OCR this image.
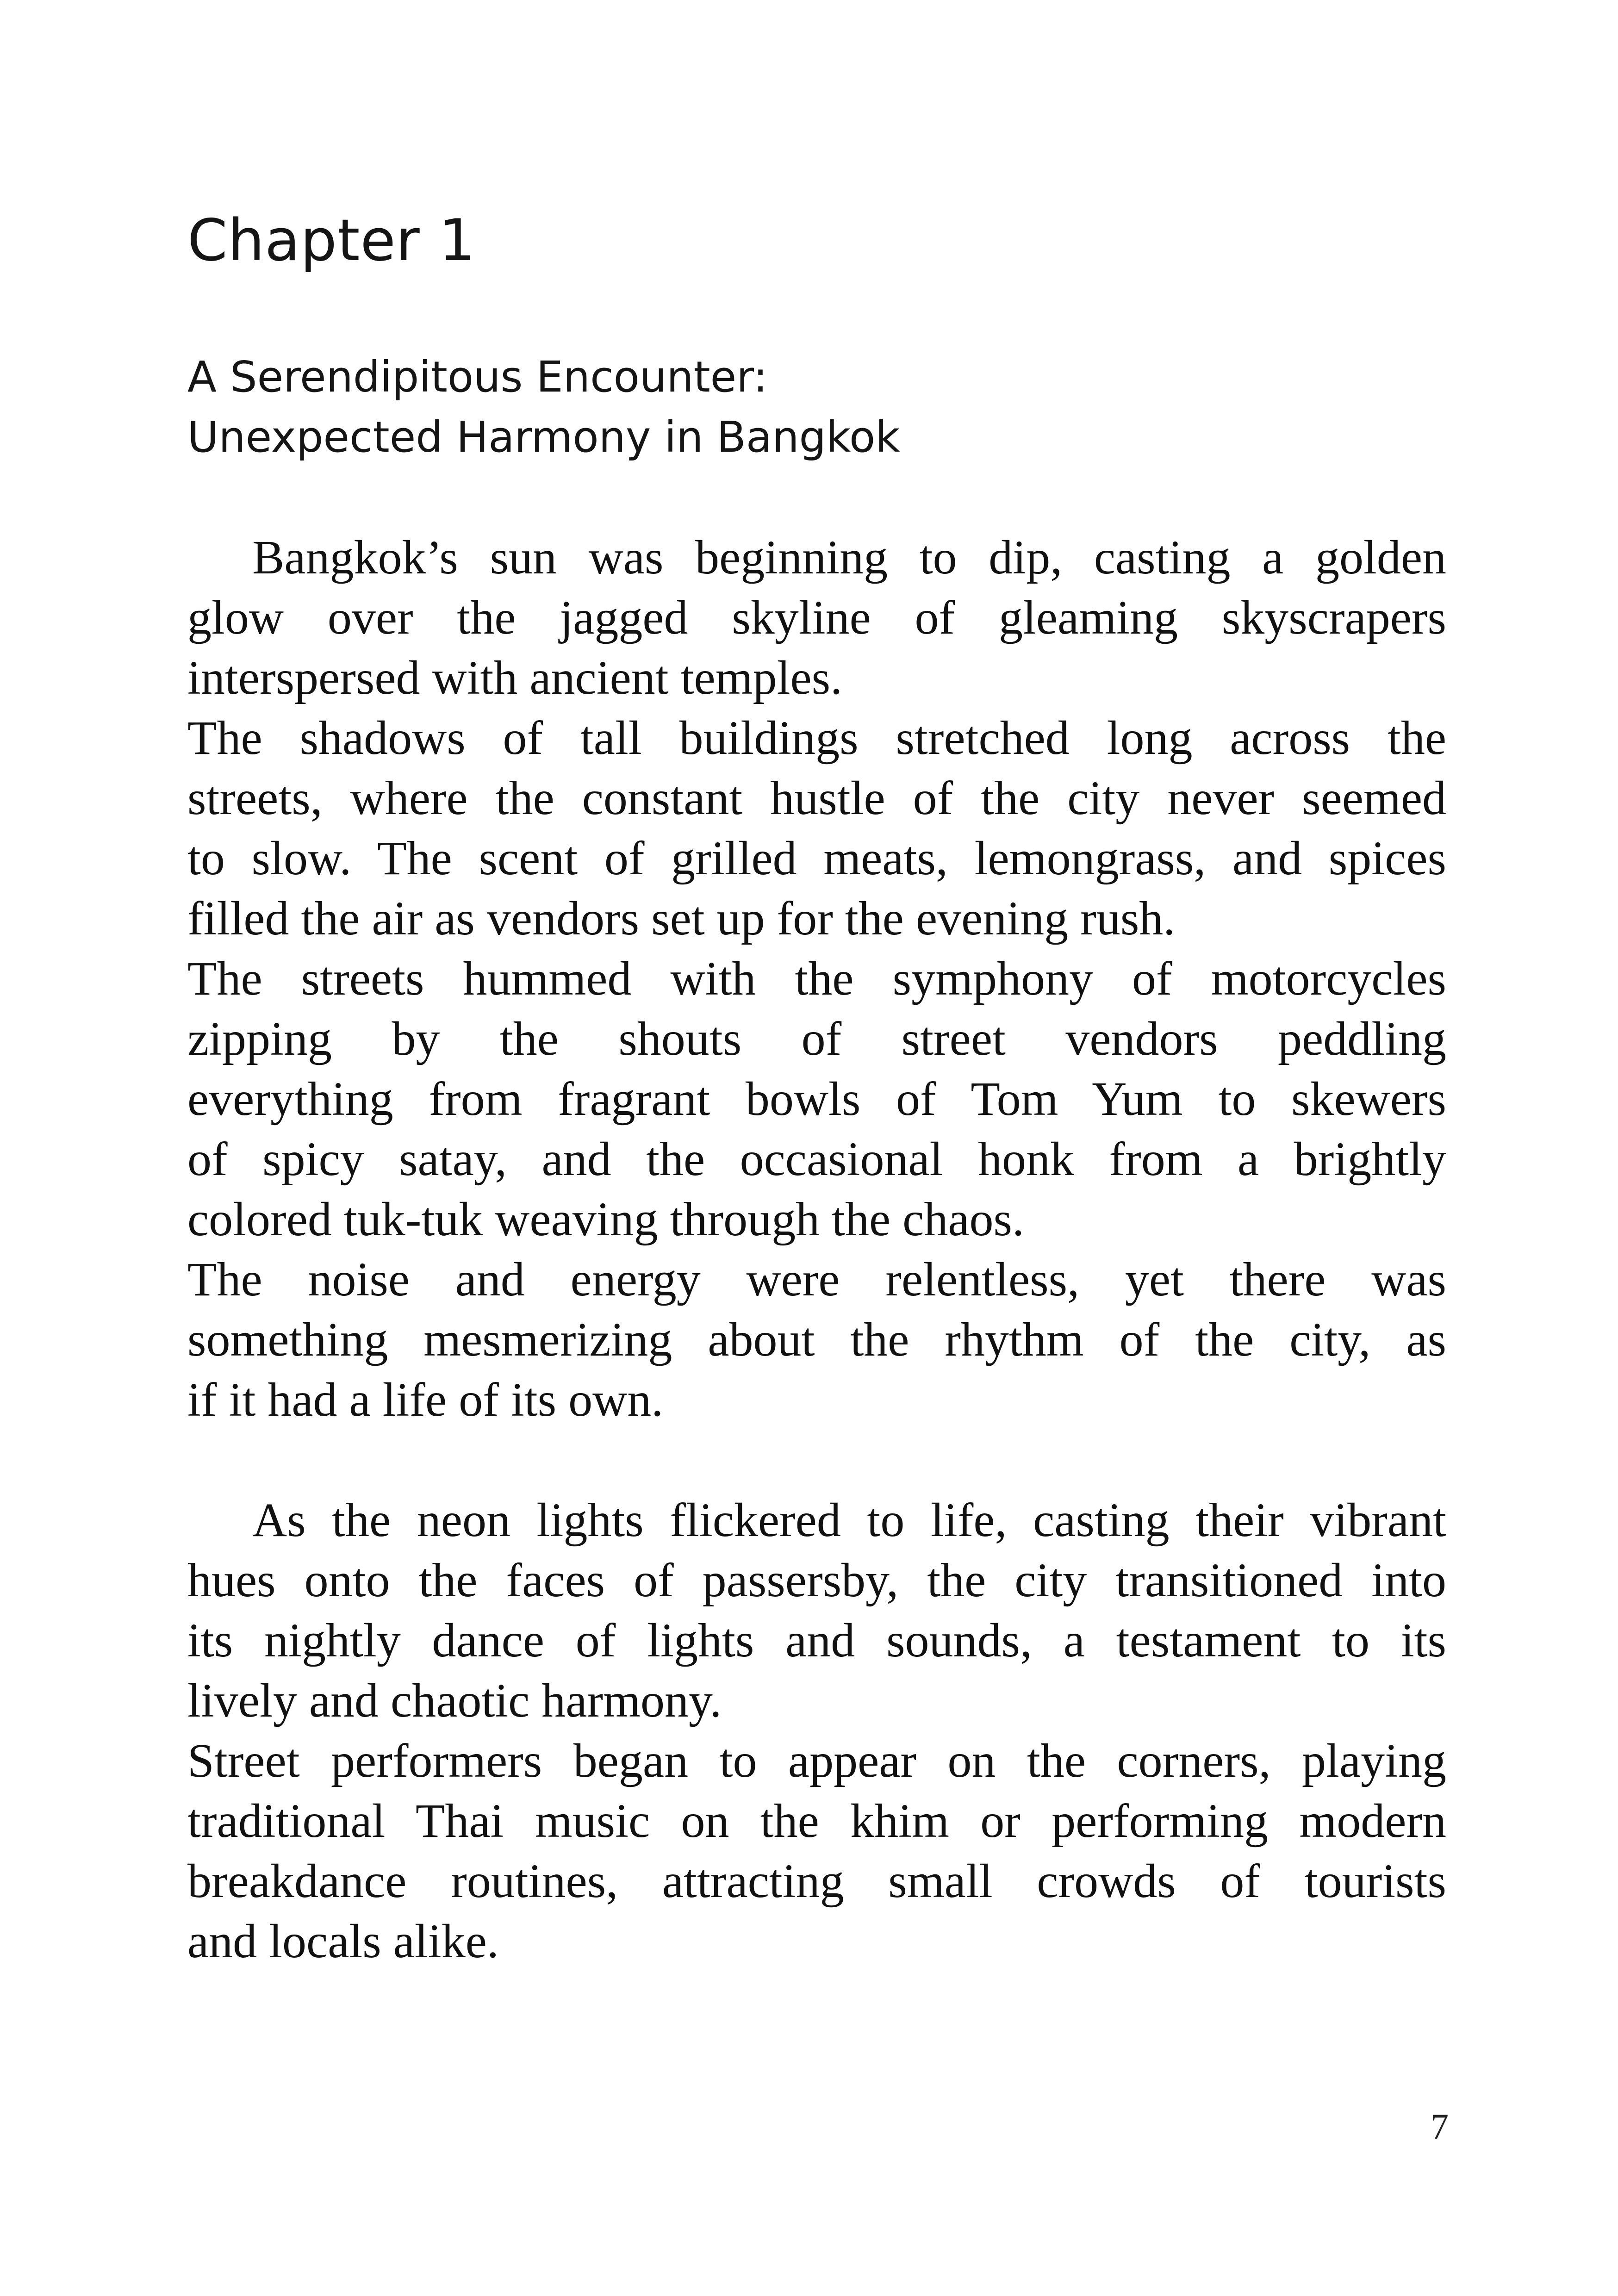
Chapter 1
A Serendipitous Encounter:
Unexpected Harmony in Bangkok

Bangkok’s sun was beginning to dip, casting a golden
glow over the jagged skyline of gleaming skyscrapers
interspersed with ancient temples.

The shadows of tall buildings stretched long across the
streets, where the constant hustle of the city never seemed
to slow. The scent of grilled meats, lemongrass, and spices
filled the air as vendors set up for the evening rush.

The streets hummed with the symphony of motorcycles
zipping by the shouts of street vendors peddling
everything from fragrant bowls of Tom Yum to skewers
of spicy satay, and the occasional honk from a brightly
colored tuk-tuk weaving through the chaos.

The noise and energy were relentless, yet there was
something mesmerizing about the rhythm of the city, as
if it had a life of its own.

As the neon lights flickered to life, casting their vibrant
hues onto the faces of passersby, the city transitioned into
its nightly dance of lights and sounds, a testament to its
lively and chaotic harmony.

Street performers began to appear on the corners, playing
traditional Thai music on the khim or performing modern
breakdance routines, attracting small crowds of tourists
and locals alike.

7
